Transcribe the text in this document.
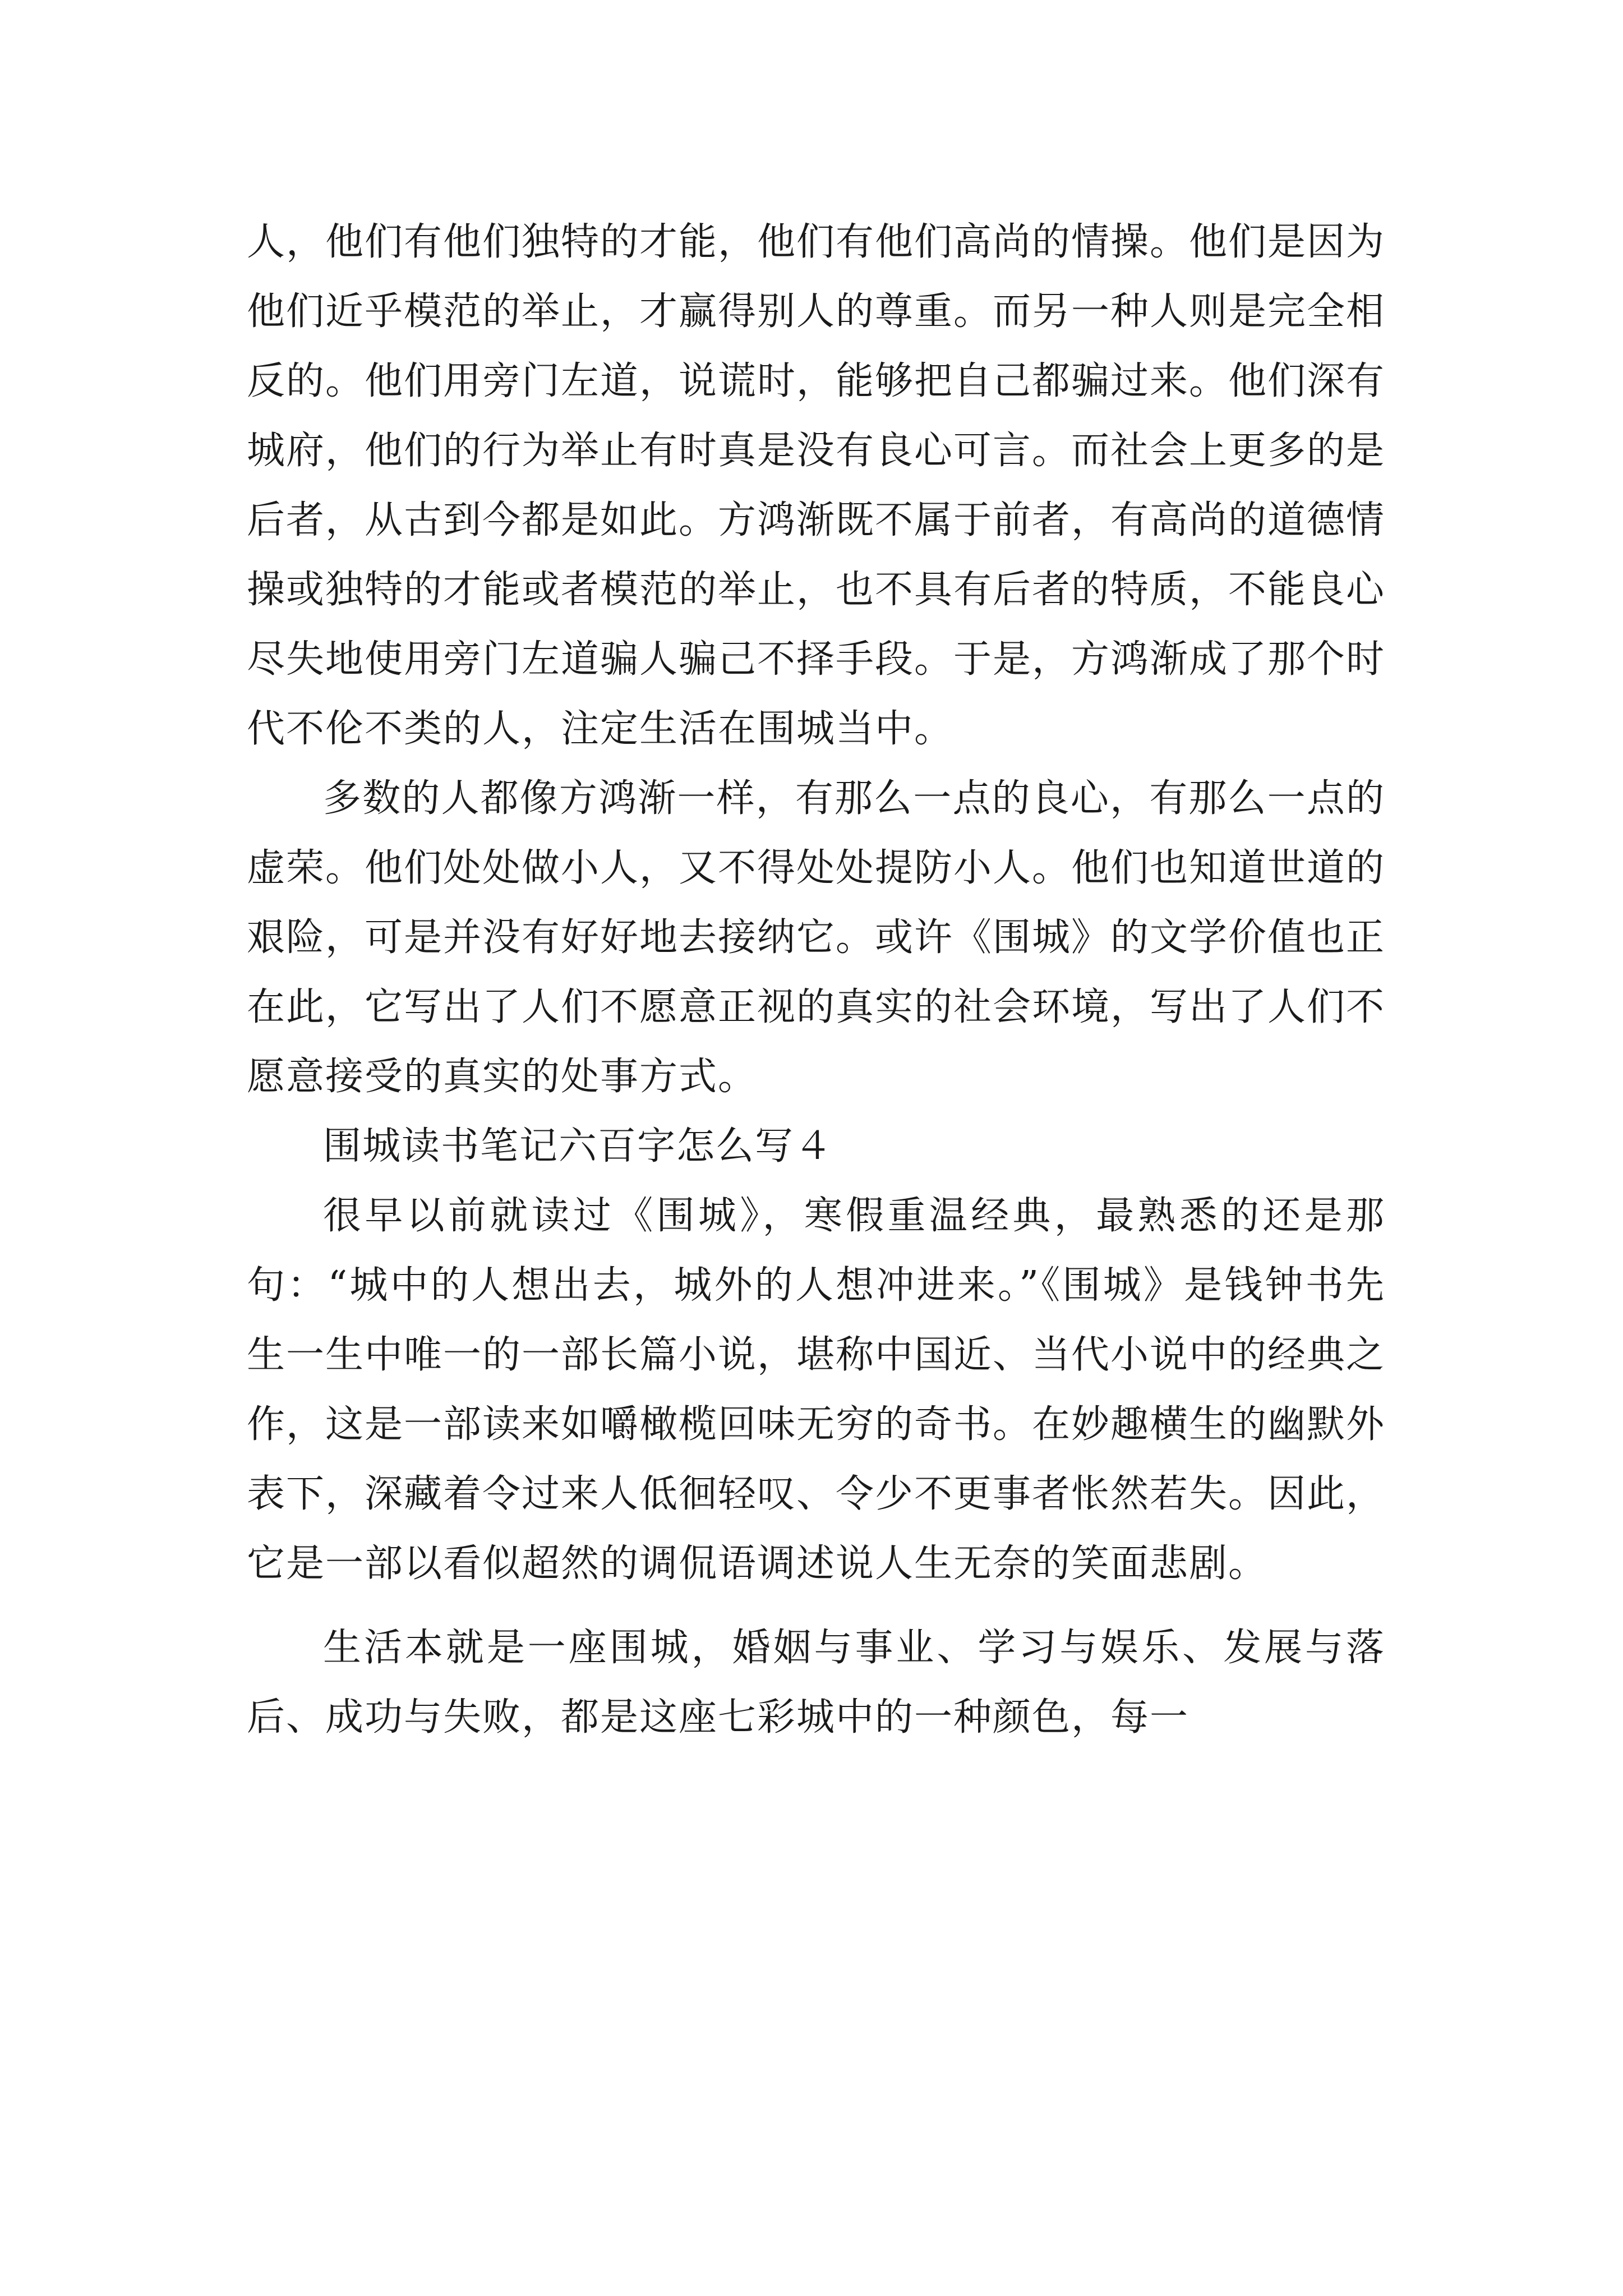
人，他们有他们独特的才能，他们有他们高尚的情操。他们是因为他们近乎模范的举止，才赢得别人的尊重。而另一种人则是完全相反的。他们用旁门左道，说谎时，能够把自己都骗过来。他们深有城府，他们的行为举止有时真是没有良心可言。而社会上更多的是后者，从古到今都是如此。方鸿渐既不属于前者，有高尚的道德情操或独特的才能或者模范的举止，也不具有后者的特质，不能良心尽失地使用旁门左道骗人骗己不择手段。于是，方鸿渐成了那个时代不伦不类的人，注定生活在围城当中。

多数的人都像方鸿渐一样，有那么一点的良心，有那么一点的虚荣。他们处处做小人，又不得处处提防小人。他们也知道世道的艰险，可是并没有好好地去接纳它。或许《围城》的文学价值也正在此，它写出了人们不愿意正视的真实的社会环境，写出了人们不愿意接受的真实的处事方式。

围城读书笔记六百字怎么写４

很早以前就读过《围城》，寒假重温经典，最熟悉的还是那句：“城中的人想出去，城外的人想冲进来。”《围城》是钱钟书先生一生中唯一的一部长篇小说，堪称中国近、当代小说中的经典之作，这是一部读来如嚼橄榄回味无穷的奇书。在妙趣横生的幽默外表下，深藏着令过来人低徊轻叹、令少不更事者怅然若失。因此，它是一部以看似超然的调侃语调述说人生无奈的笑面悲剧。

生活本就是一座围城，婚姻与事业、学习与娱乐、发展与落后、成功与失败，都是这座七彩城中的一种颜色，每一
